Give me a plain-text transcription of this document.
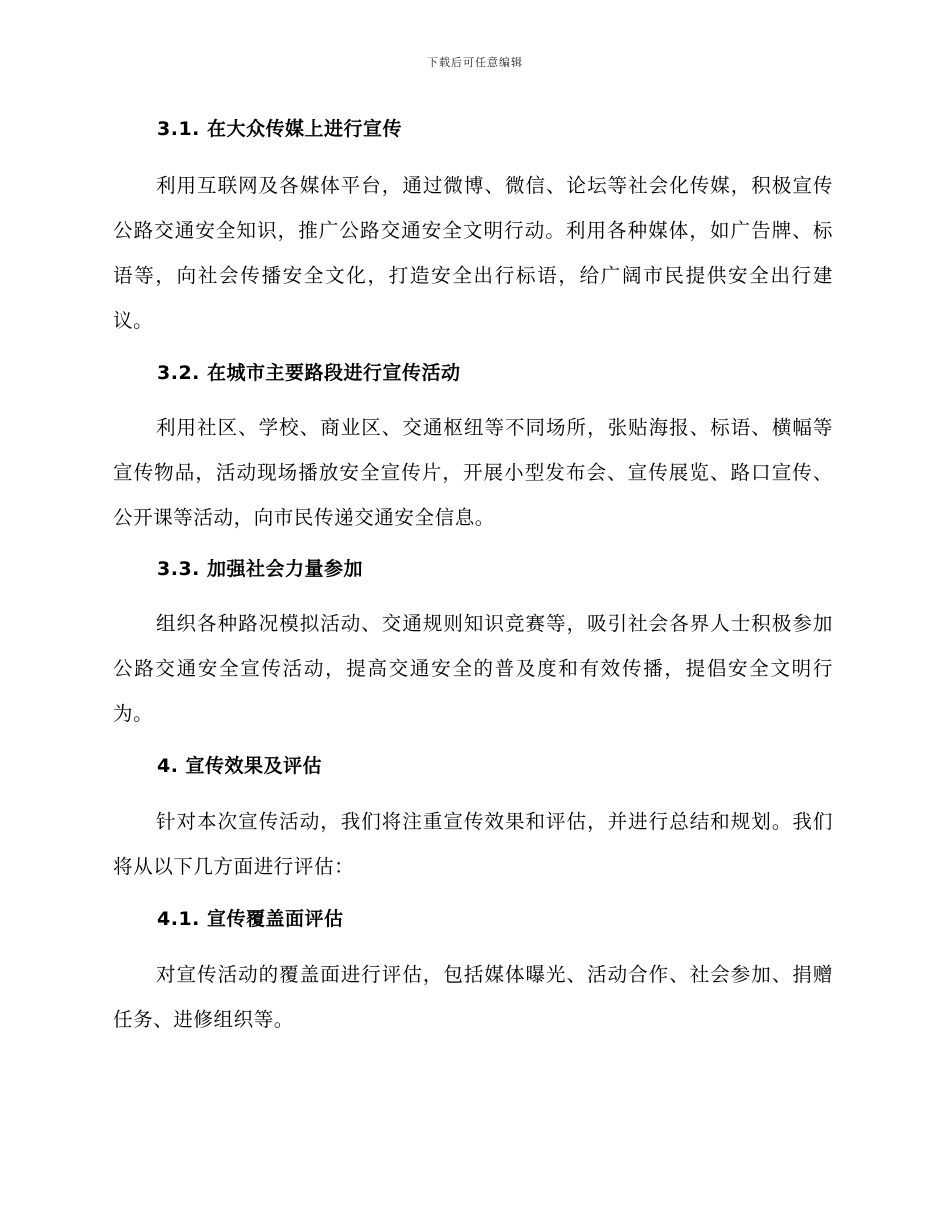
下载后可任意编辑
3.1. 在大众传媒上进行宣传

利用互联网及各媒体平台，通过微博、微信、论坛等社会化传媒，积极宣传公路交通安全知识，推广公路交通安全文明行动。利用各种媒体，如广告牌、标语等，向社会传播安全文化，打造安全出行标语，给广阔市民提供安全出行建议。

3.2. 在城市主要路段进行宣传活动

利用社区、学校、商业区、交通枢纽等不同场所，张贴海报、标语、横幅等宣传物品，活动现场播放安全宣传片，开展小型发布会、宣传展览、路口宣传、公开课等活动，向市民传递交通安全信息。

3.3. 加强社会力量参加

组织各种路况模拟活动、交通规则知识竞赛等，吸引社会各界人士积极参加公路交通安全宣传活动，提高交通安全的普及度和有效传播，提倡安全文明行为。

4. 宣传效果及评估

针对本次宣传活动，我们将注重宣传效果和评估，并进行总结和规划。我们将从以下几方面进行评估：

4.1. 宣传覆盖面评估

对宣传活动的覆盖面进行评估，包括媒体曝光、活动合作、社会参加、捐赠任务、进修组织等。
